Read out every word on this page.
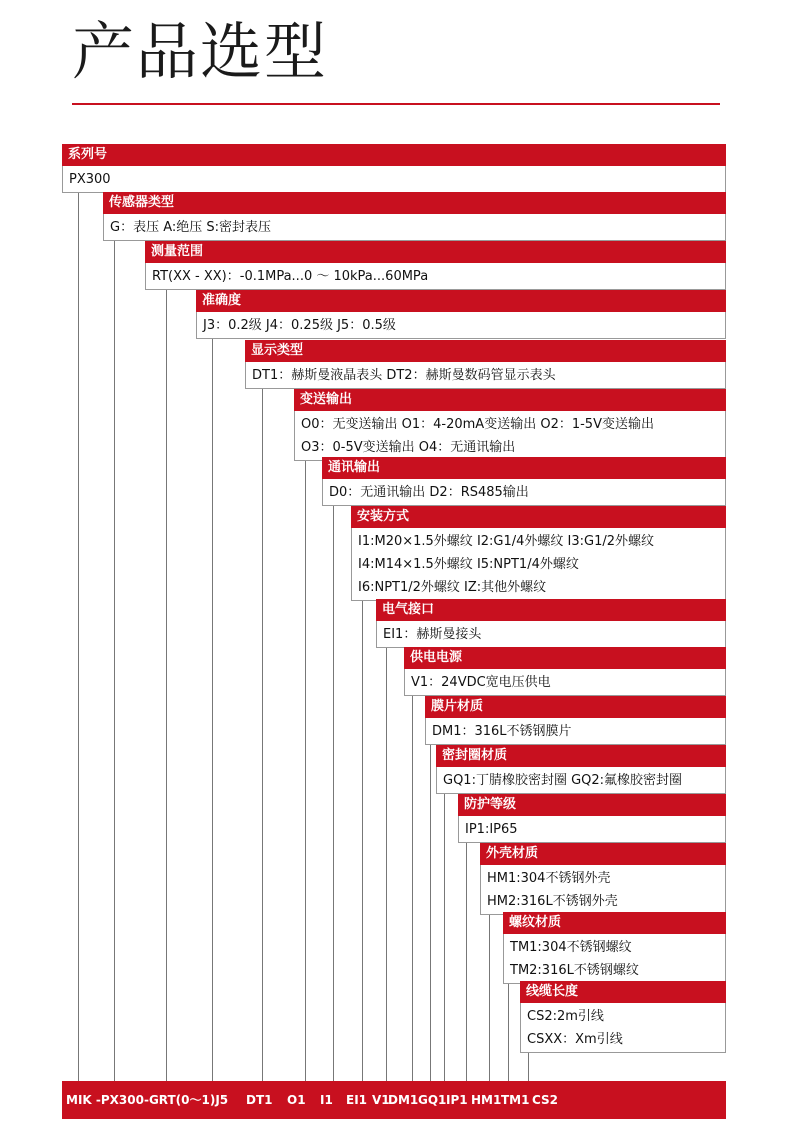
产品选型
系列号
PX300
传感器类型
G：表压 A:绝压 S:密封表压
测量范围
RT(XX - XX)：-0.1MPa...0 ～ 10kPa...60MPa
准确度
J3：0.2级 J4：0.25级 J5：0.5级
显示类型
DT1：赫斯曼液晶表头 DT2：赫斯曼数码管显示表头
变送输出
O0：无变送输出 O1：4-20mA变送输出 O2：1-5V变送输出
O3：0-5V变送输出 O4：无通讯输出
通讯输出
D0：无通讯输出 D2：RS485输出
安装方式
I1:M20×1.5外螺纹 I2:G1/4外螺纹 I3:G1/2外螺纹
I4:M14×1.5外螺纹 I5:NPT1/4外螺纹
I6:NPT1/2外螺纹 IZ:其他外螺纹
电气接口
EI1：赫斯曼接头
供电电源
V1：24VDC宽电压供电
膜片材质
DM1：316L不锈钢膜片
密封圈材质
GQ1:丁腈橡胶密封圈 GQ2:氟橡胶密封圈
防护等级
IP1:IP65
外壳材质
HM1:304不锈钢外壳
HM2:316L不锈钢外壳
螺纹材质
TM1:304不锈钢螺纹
TM2:316L不锈钢螺纹
线缆长度
CS2:2m引线
CSXX：Xm引线
MIK -PX300-GRT(0～1)J5 DT1 O1 I1 EI1 V1
DM1 GQ1 IP1 HM1 TM1 CS2
